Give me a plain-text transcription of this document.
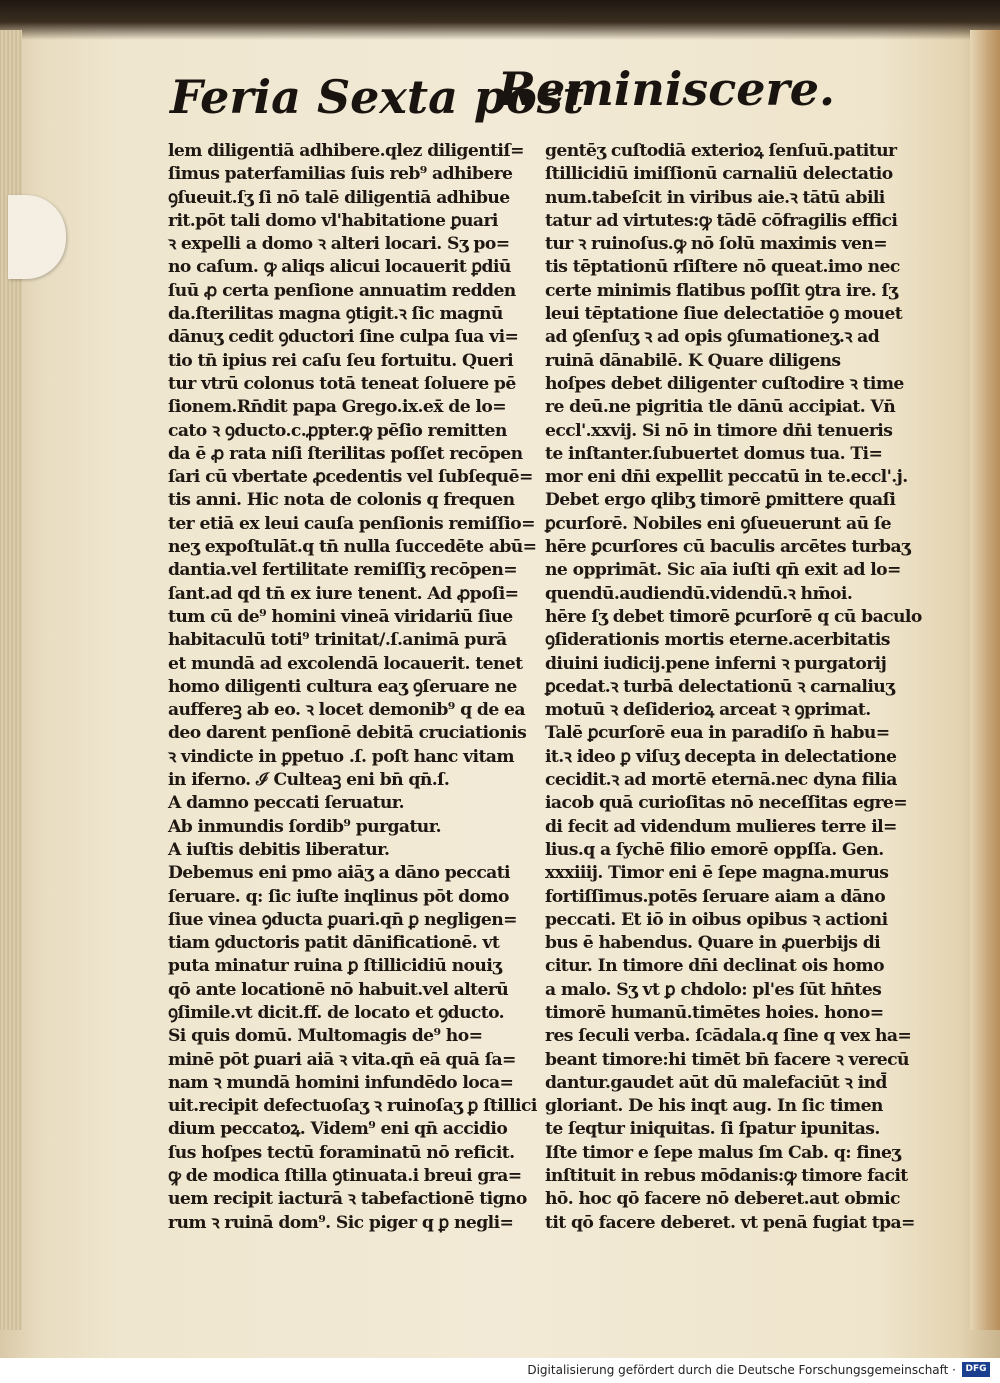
Feria Sexta post
Reminiscere.
lem diligentiā adhibere.qlez diligentiſ=
ſimus paterfamilias ſuis reb⁹ adhibere
ꝯſueuit.ſʒ ſi nō talē diligentiā adhibue
rit.pōt tali domo vl'habitatione ꝑuari
ꝛ expelli a domo ꝛ alteri locari. Sʒ po=
no caſum. ꝙ aliqs alicui locauerit ꝑdiū
ſuū ꝓ certa penſione annuatim redden
da.ſterilitas magna ꝯtigit.ꝛ ſic magnū
dānuʒ cedit ꝯductori ſine culpa ſua vi=
tio tn̄ ipius rei caſu ſeu fortuitu. Queri
tur vtrū colonus totā teneat ſoluere pē
ſionem.Rn̄dit papa Grego.ix.ex̄ de lo=
cato ꝛ ꝯducto.c.ꝓpter.ꝙ pēſio remitten
da ē ꝓ rata niſi ſterilitas poſſet recōpen
ſari cū vbertate ꝓcedentis vel ſubſequē=
tis anni. Hic nota de colonis q frequen
ter etiā ex leui cauſa penſionis remiſſio=
neʒ expoſtulāt.q tn̄ nulla ſuccedēte abū=
dantia.vel fertilitate remiſſiʒ recōpen=
ſant.ad qd tn̄ ex iure tenent. Ad ꝓpoſi=
tum cū de⁹ homini vineā viridariū ſiue
habitaculū toti⁹ trinitat/.ſ.animā purā
et mundā ad excolendā locauerit. tenet
homo diligenti cultura eaʒ ꝯſeruare ne
auffereꝫ ab eo. ꝛ locet demonib⁹ q de ea
deo darent penſionē debitā cruciationis
ꝛ vindicte in ꝑpetuo .ſ. poſt hanc vitam
in iferno. ℐ Culteaꝫ eni bn̄ qn̄.ſ.
A damno peccati ſeruatur.
Ab inmundis ſordib⁹ purgatur.
A iuſtis debitis liberatur.
Debemus eni pmo aiāʒ a dāno peccati
ſeruare. q: ſic iuſte inqlinus pōt domo
ſiue vinea ꝯducta ꝑuari.qn̄ ꝑ negligen=
tiam ꝯductoris patit dānificationē. vt
puta minatur ruina ꝑ ſtillicidiū nouiʒ
qō ante locationē nō habuit.vel alterū
ꝯſimile.vt dicit.ff. de locato et ꝯducto.
Si quis domū. Multomagis de⁹ ho=
minē pōt ꝑuari aiā ꝛ vita.qn̄ eā quā ſa=
nam ꝛ mundā homini infundēdo loca=
uit.recipit defectuoſaʒ ꝛ ruinoſaʒ ꝑ ſtillici
dium peccatoꝝ. Videm⁹ eni qn̄ accidio
ſus hoſpes tectū foraminatū nō reficit.
ꝙ de modica ſtilla ꝯtinuata.i breui gra=
uem recipit iacturā ꝛ tabefactionē tigno
rum ꝛ ruinā dom⁹. Sic piger q ꝑ negli=
gentēʒ cuſtodiā exterioꝝ ſenſuū.patitur
ſtillicidiū imiſſionū carnaliū delectatio
num.tabeſcit in viribus aie.ꝛ tātū abili
tatur ad virtutes:ꝙ tādē cōfragilis effici
tur ꝛ ruinoſus.ꝙ nō ſolū maximis ven=
tis tēptationū rſiſtere nō queat.imo nec
certe minimis flatibus poſſit ꝯtra ire. ſʒ
leui tēptatione ſiue delectatiōe ꝯ mouet
ad ꝯſenſuʒ ꝛ ad opis ꝯſumationeʒ.ꝛ ad
ruinā dānabilē. K Quare diligens
hoſpes debet diligenter cuſtodire ꝛ time
re deū.ne pigritia tle dānū accipiat. Vn̄
eccl'.xxvij. Si nō in timore dn̄i tenueris
te inſtanter.ſubuertet domus tua. Ti=
mor eni dn̄i expellit peccatū in te.eccl'.j.
Debet ergo qlibʒ timorē ꝑmittere quaſi
ꝑcurſorē. Nobiles eni ꝯſueuerunt aū ſe
hēre ꝑcurſores cū baculis arcētes turbaʒ
ne opprimāt. Sic aīa iuſti qn̄ exit ad lo=
quendū.audiendū.videndū.ꝛ hm̄oi.
hēre ſʒ debet timorē ꝑcurſorē q cū baculo
ꝯſiderationis mortis eterne.acerbitatis
diuini iudicij.pene inferni ꝛ purgatorij
ꝑcedat.ꝛ turbā delectationū ꝛ carnaliuʒ
motuū ꝛ deſiderioꝝ arceat ꝛ ꝯprimat.
Talē ꝑcurſorē eua in paradiſo n̄ habu=
it.ꝛ ideo ꝑ viſuʒ decepta in delectatione
cecidit.ꝛ ad mortē eternā.nec dyna filia
iacob quā curioſitas nō neceſſitas egre=
di fecit ad videndum mulieres terre il=
lius.q a ſychē filio emorē oppſſa. Gen.
xxxiiij. Timor eni ē ſepe magna.murus
fortiſſimus.potēs ſeruare aiam a dāno
peccati. Et iō in oibus opibus ꝛ actioni
bus ē habendus. Quare in ꝓuerbijs di
citur. In timore dn̄i declinat ois homo
a malo. Sʒ vt ꝑ chdolo: pl'es ſūt hn̄tes
timorē humanū.timētes hoies. hono=
res ſeculi verba. ſcādala.q ſine q vex ha=
beant timore:hi timēt bn̄ facere ꝛ verecū
dantur.gaudet aūt dū malefaciūt ꝛ ind̄
gloriant. De his inqt aug. In ſic timen
te ſeqtur iniquitas. ſi ſpatur ipunitas.
Iſte timor e ſepe malus ſm Cab. q: fineʒ
inſtituit in rebus mōdanis:ꝙ timore facit
hō. hoc qō facere nō deberet.aut obmic
tit qō facere deberet. vt penā fugiat tpa=
Digitalisierung gefördert durch die Deutsche Forschungsgemeinschaft ·	DFG
